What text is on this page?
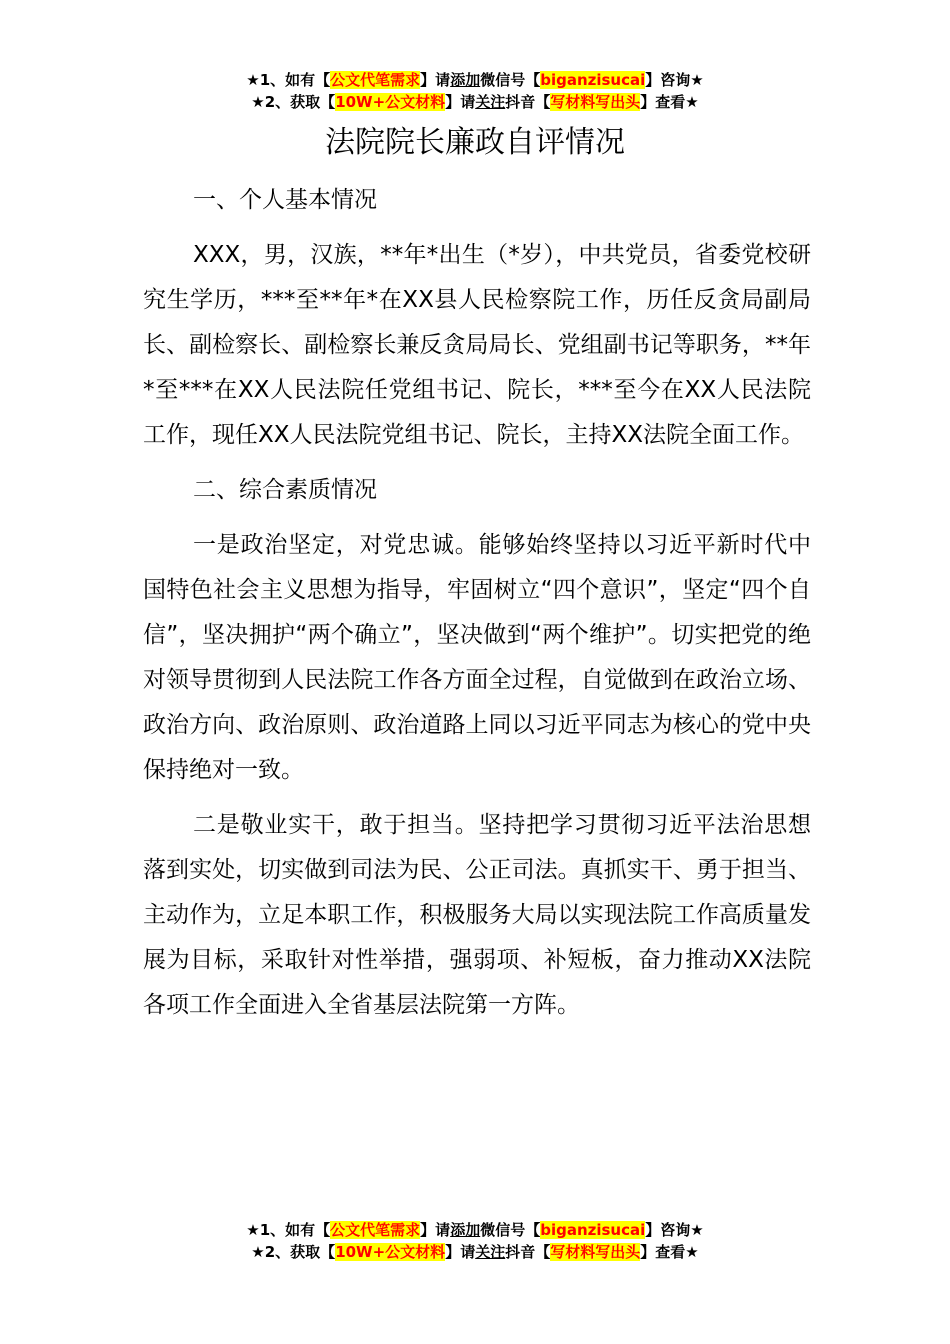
★1、如有【公文代笔需求】请添加微信号【biganzisucai】咨询★
★2、获取【10W+公文材料】请关注抖音【写材料写出头】查看★
法院院长廉政自评情况

一、个人基本情况

XXX，男，汉族，**年*出生（*岁），中共党员，省委党校研究生学历，***至**年*在XX县人民检察院工作，历任反贪局副局长、副检察长、副检察长兼反贪局局长、党组副书记等职务，**年*至***在XX人民法院任党组书记、院长，***至今在XX人民法院工作，现任XX人民法院党组书记、院长，主持XX法院全面工作。

二、综合素质情况

一是政治坚定，对党忠诚。能够始终坚持以习近平新时代中国特色社会主义思想为指导，牢固树立“四个意识”，坚定“四个自信”，坚决拥护“两个确立”，坚决做到“两个维护”。切实把党的绝对领导贯彻到人民法院工作各方面全过程，自觉做到在政治立场、政治方向、政治原则、政治道路上同以习近平同志为核心的党中央保持绝对一致。

二是敬业实干，敢于担当。坚持把学习贯彻习近平法治思想落到实处，切实做到司法为民、公正司法。真抓实干、勇于担当、主动作为，立足本职工作，积极服务大局以实现法院工作高质量发展为目标，采取针对性举措，强弱项、补短板，奋力推动XX法院各项工作全面进入全省基层法院第一方阵。

★1、如有【公文代笔需求】请添加微信号【biganzisucai】咨询★
★2、获取【10W+公文材料】请关注抖音【写材料写出头】查看★
